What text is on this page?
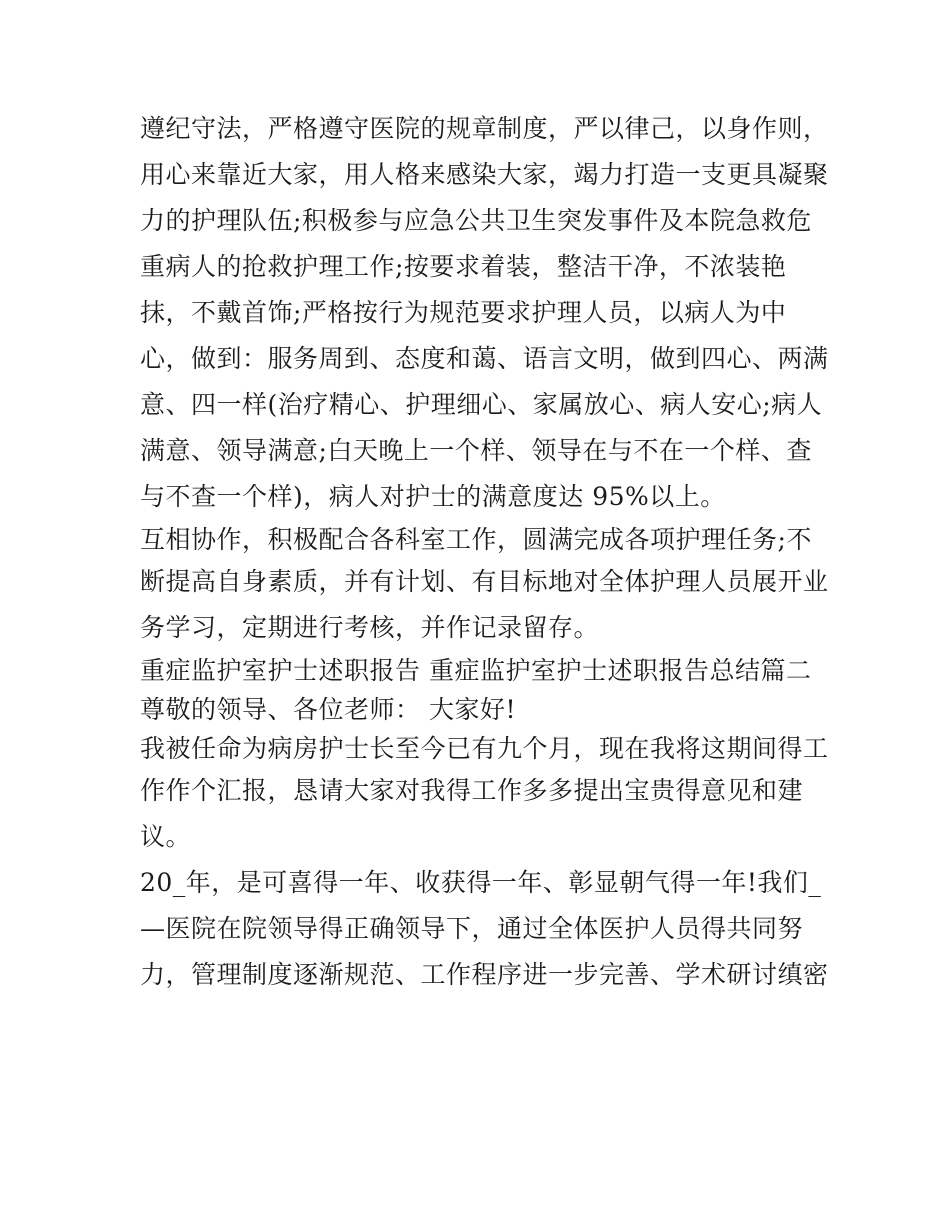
遵纪守法，严格遵守医院的规章制度，严以律己，以身作则，
用心来靠近大家，用人格来感染大家，竭力打造一支更具凝聚
力的护理队伍;积极参与应急公共卫生突发事件及本院急救危
重病人的抢救护理工作;按要求着装，整洁干净，不浓装艳
抹，不戴首饰;严格按行为规范要求护理人员，以病人为中
心，做到：服务周到、态度和蔼、语言文明，做到四心、两满
意、四一样(治疗精心、护理细心、家属放心、病人安心;病人
满意、领导满意;白天晚上一个样、领导在与不在一个样、查
与不查一个样)，病人对护士的满意度达 95%以上。
互相协作，积极配合各科室工作，圆满完成各项护理任务;不
断提高自身素质，并有计划、有目标地对全体护理人员展开业
务学习，定期进行考核，并作记录留存。
重症监护室护士述职报告 重症监护室护士述职报告总结篇二
尊敬的领导、各位老师： 大家好!
我被任命为病房护士长至今已有九个月，现在我将这期间得工
作作个汇报，恳请大家对我得工作多多提出宝贵得意见和建
议。
20_年，是可喜得一年、收获得一年、彰显朝气得一年!我们_
—医院在院领导得正确领导下，通过全体医护人员得共同努
力，管理制度逐渐规范、工作程序进一步完善、学术研讨缜密
